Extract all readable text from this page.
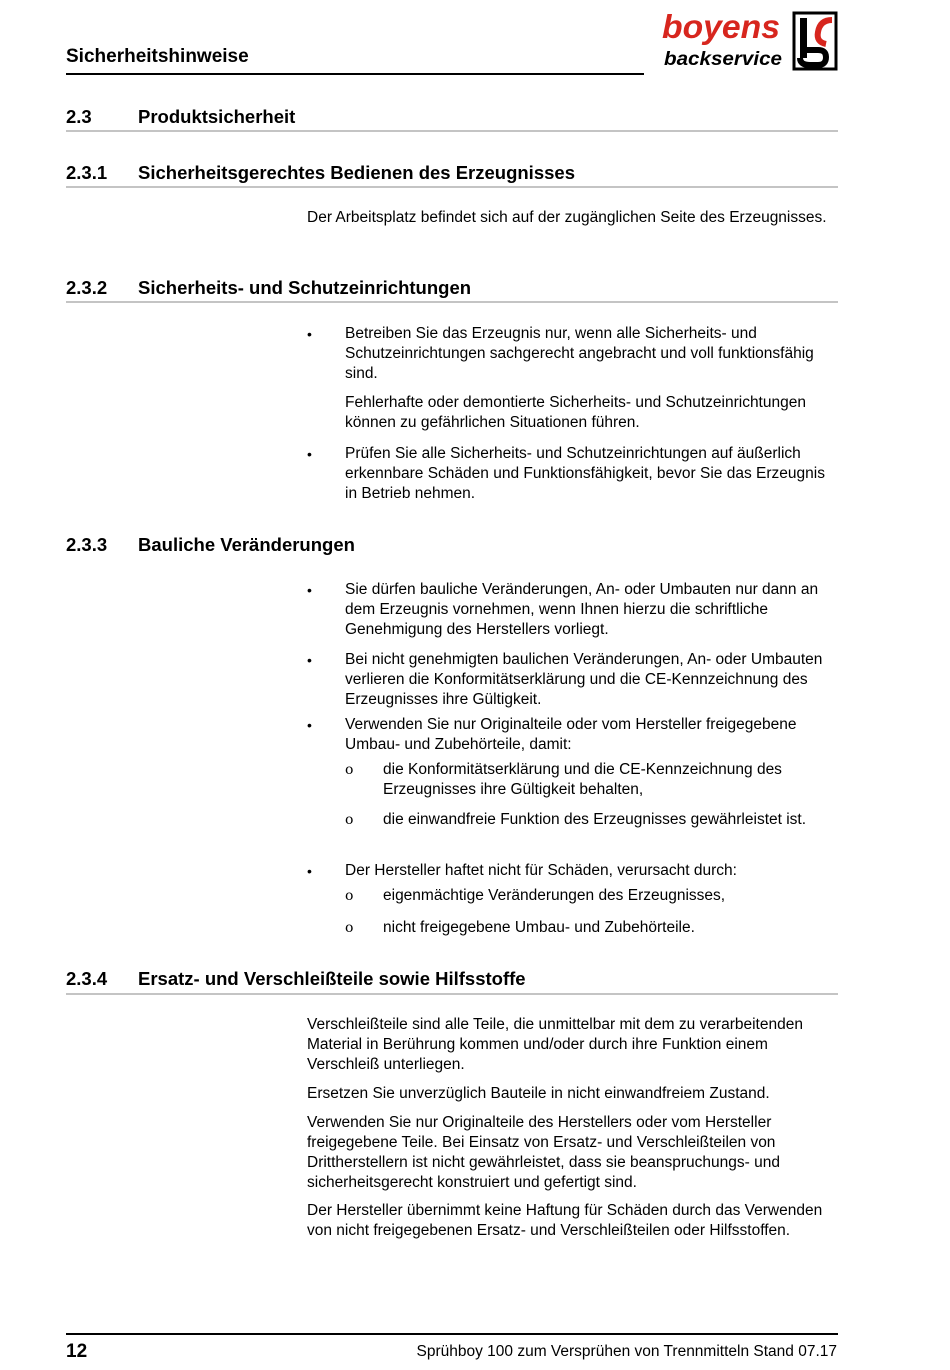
Sicherheitshinweise
boyens
backservice
2.3	Produktsicherheit
2.3.1 Sicherheitsgerechtes Bedienen des Erzeugnisses
Der Arbeitsplatz befindet sich auf der zugänglichen Seite des Erzeugnisses.
2.3.2 Sicherheits- und Schutzeinrichtungen
•	Betreiben Sie das Erzeugnis nur, wenn alle Sicherheits- und Schutzeinrichtungen sachgerecht angebracht und voll funktionsfähig sind.
Fehlerhafte oder demontierte Sicherheits- und Schutzeinrichtungen können zu gefährlichen Situationen führen.
•	Prüfen Sie alle Sicherheits- und Schutzeinrichtungen auf äußerlich erkennbare Schäden und Funktionsfähigkeit, bevor Sie das Erzeugnis in Betrieb nehmen.
2.3.3 Bauliche Veränderungen
•	Sie dürfen bauliche Veränderungen, An- oder Umbauten nur dann an dem Erzeugnis vornehmen, wenn Ihnen hierzu die schriftliche Genehmigung des Herstellers vorliegt.
•	Bei nicht genehmigten baulichen Veränderungen, An- oder Umbauten verlieren die Konformitätserklärung und die CE-Kennzeichnung des Erzeugnisses ihre Gültigkeit.
•	Verwenden Sie nur Originalteile oder vom Hersteller freigegebene Umbau- und Zubehörteile, damit:
ο die Konformitätserklärung und die CE-Kennzeichnung des Erzeugnisses ihre Gültigkeit behalten,
ο die einwandfreie Funktion des Erzeugnisses gewährleistet ist.
•	Der Hersteller haftet nicht für Schäden, verursacht durch:
ο eigenmächtige Veränderungen des Erzeugnisses,
ο nicht freigegebene Umbau- und Zubehörteile.
2.3.4 Ersatz- und Verschleißteile sowie Hilfsstoffe
Verschleißteile sind alle Teile, die unmittelbar mit dem zu verarbeitenden Material in Berührung kommen und/oder durch ihre Funktion einem Verschleiß unterliegen.
Ersetzen Sie unverzüglich Bauteile in nicht einwandfreiem Zustand.
Verwenden Sie nur Originalteile des Herstellers oder vom Hersteller freigegebene Teile. Bei Einsatz von Ersatz- und Verschleißteilen von Drittherstellern ist nicht gewährleistet, dass sie beanspruchungs- und sicherheitsgerecht konstruiert und gefertigt sind.
Der Hersteller übernimmt keine Haftung für Schäden durch das Verwenden von nicht freigegebenen Ersatz- und Verschleißteilen oder Hilfsstoffen.
12	Sprühboy 100 zum Versprühen von Trennmitteln Stand 07.17
